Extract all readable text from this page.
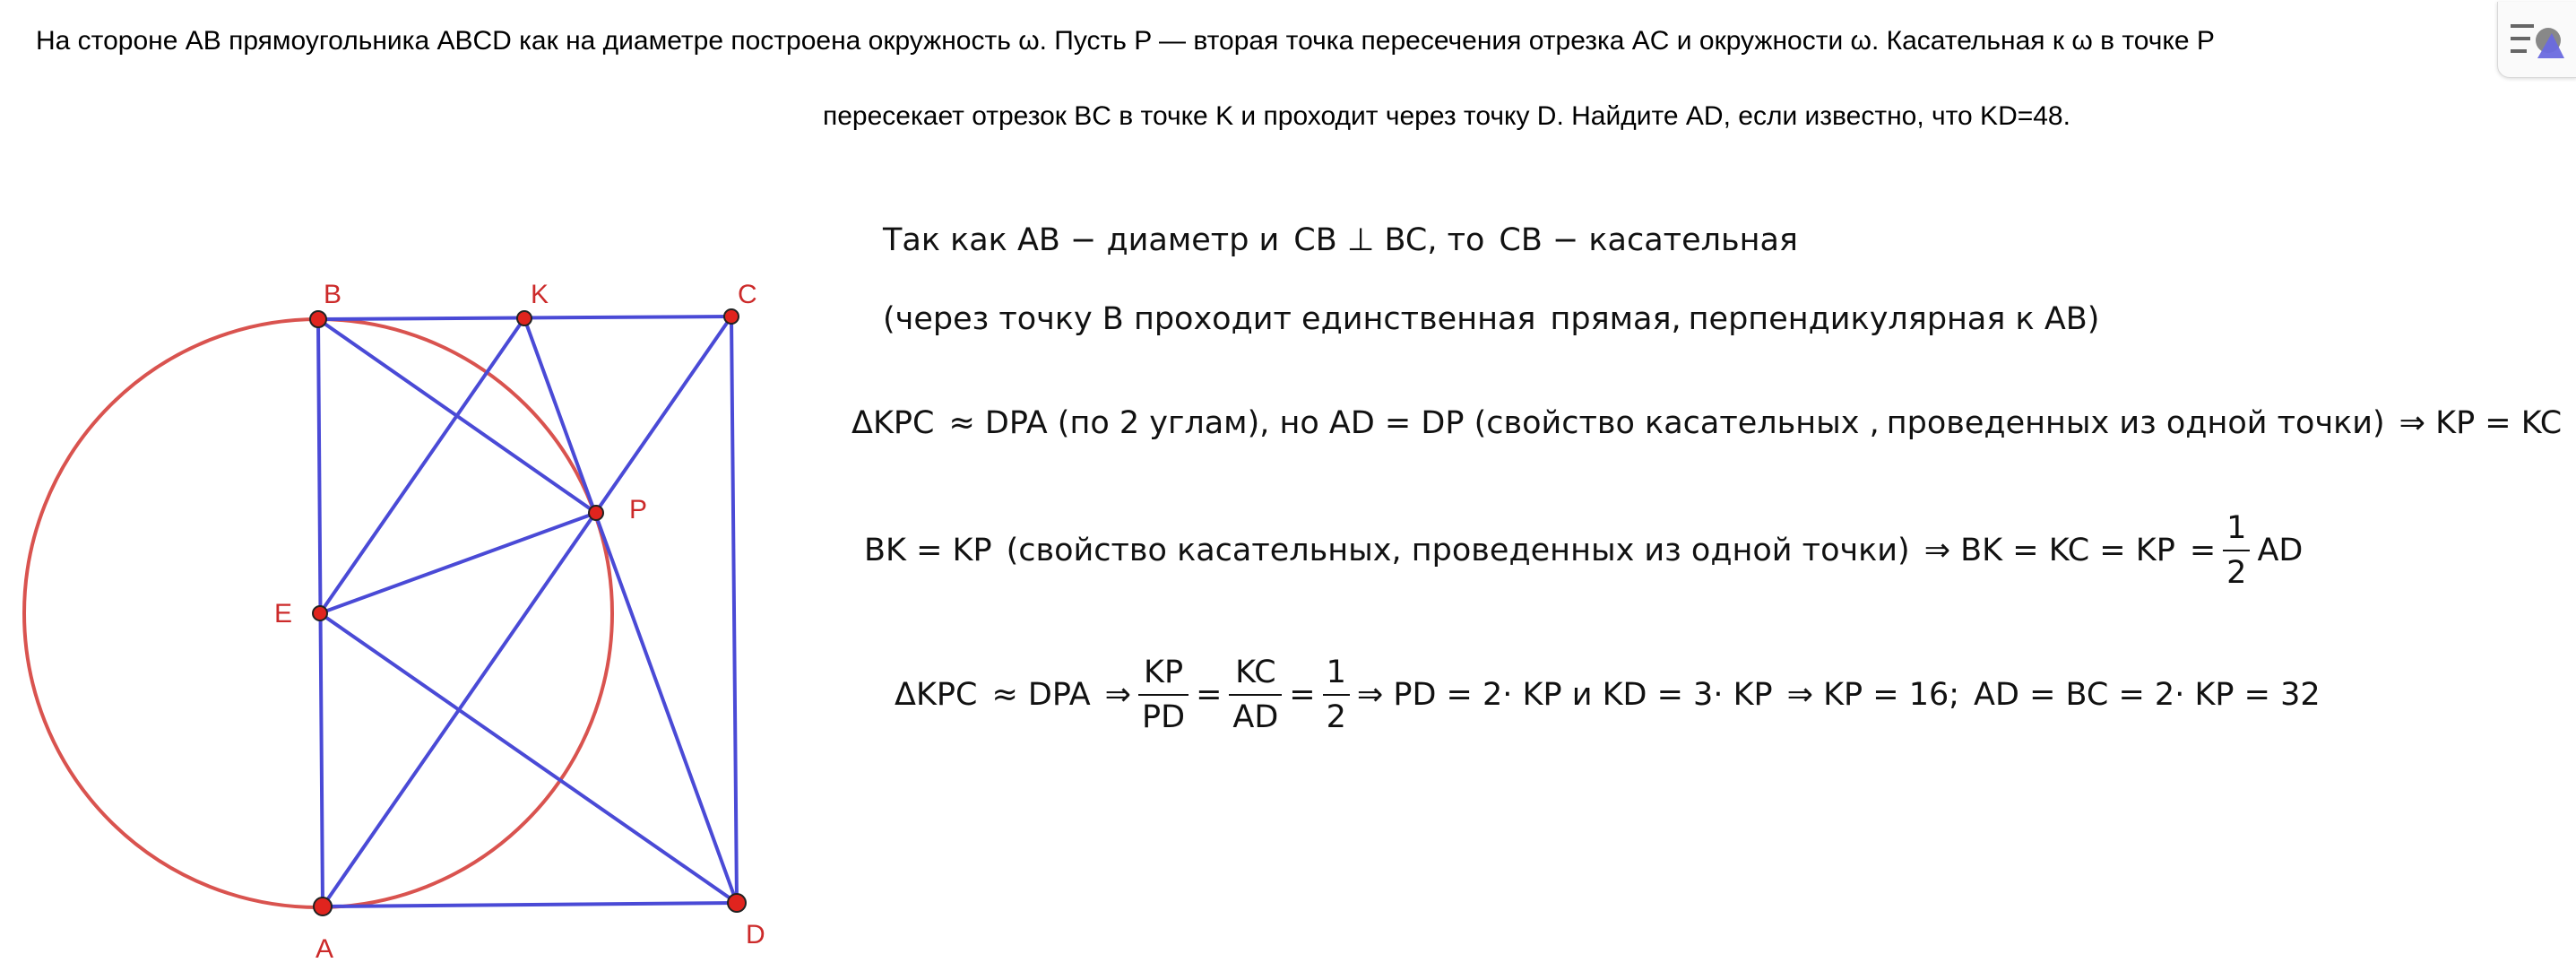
На стороне AB прямоугольника ABCD как на диаметре построена окружность ω. Пусть P — вторая точка пересечения отрезка AC и окружности ω. Касательная к ω в точке P
пересекает отрезок BC в точке K и проходит через точку D. Найдите AD, если известно, что KD=48.
B	K	C
P
E
A	D
Так как AB − диаметр и CB ⊥ BC, то CB − касательная
(через точку B проходит единственная прямая, перпендикулярная к AB)
ΔKPC ≈ DPA (по 2 углам), но AD = DP (свойство касательных , проведенных из одной точки) ⇒ KP = KC
BK = KP (свойство касательных, проведенных из одной точки) ⇒ BK = KC = KP = $\frac{1}{2}$ AD
ΔKPC ≈ DPA ⇒ $\frac{KP}{PD} = \frac{KC}{AD} = \frac{1}{2}$ ⇒ PD = 2· KP и KD = 3· KP ⇒ KP = 16; AD = BC = 2· KP = 32
